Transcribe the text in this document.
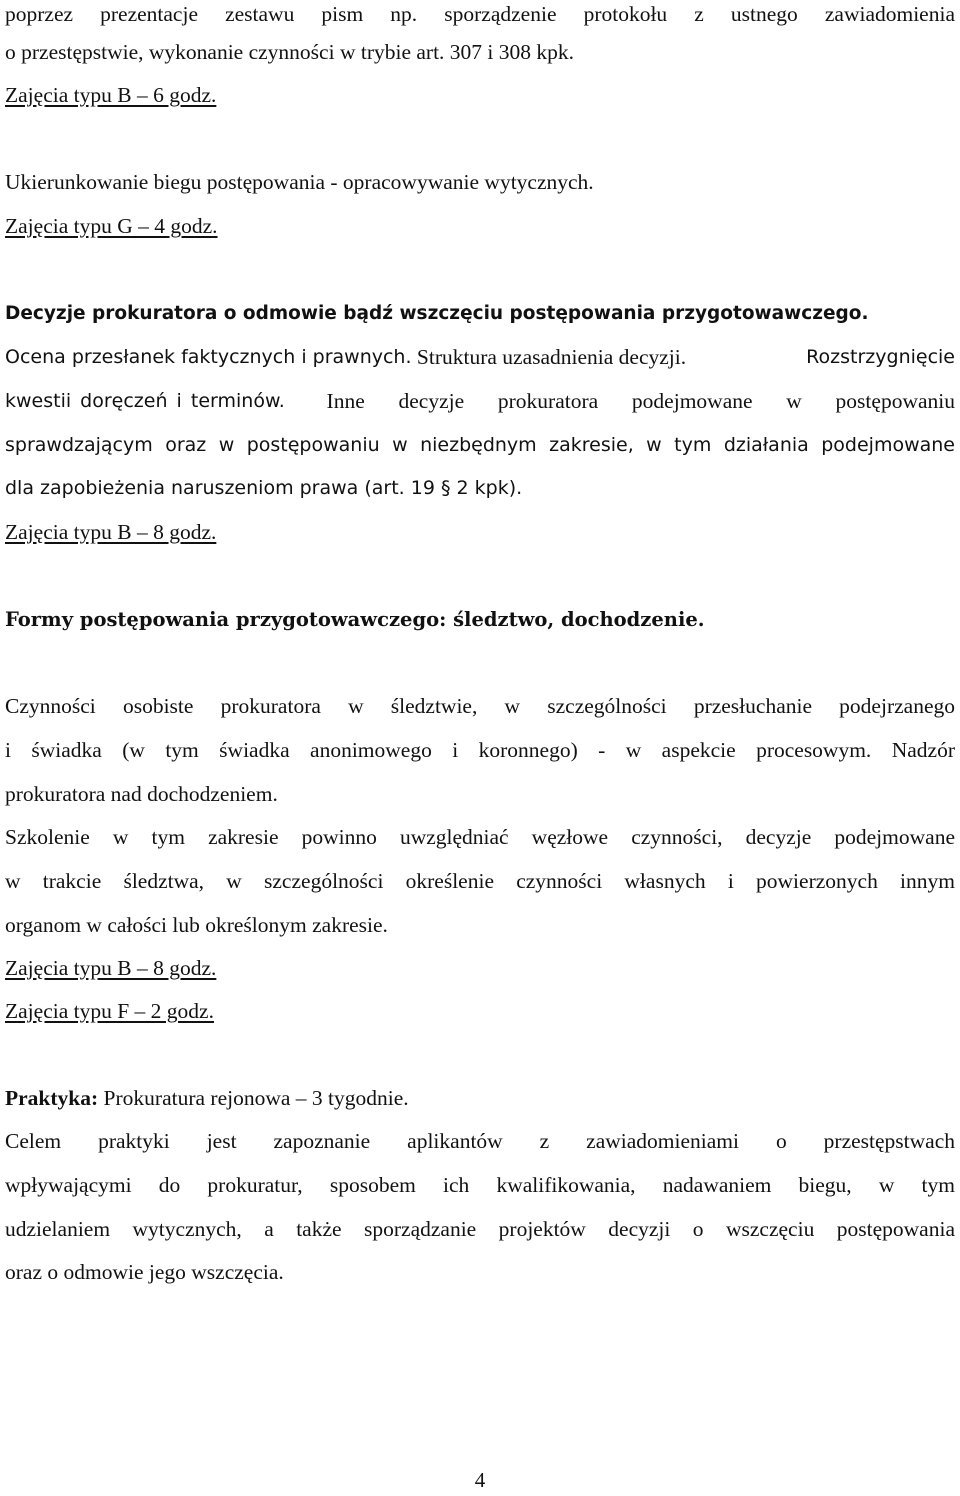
poprzez prezentacje zestawu pism np. sporządzenie protokołu z ustnego zawiadomienia
o przestępstwie, wykonanie czynności w trybie art. 307 i 308 kpk.
Zajęcia typu B – 6 godz.
Ukierunkowanie biegu postępowania - opracowywanie wytycznych.
Zajęcia typu G – 4 godz.
Decyzje prokuratora o odmowie bądź wszczęciu postępowania przygotowawczego.
Ocena przesłanek faktycznych i prawnych. Struktura uzasadnienia decyzji.	Rozstrzygnięcie
kwestii doręczeń i terminów. Inne decyzje prokuratora podejmowane w postępowaniu
sprawdzającym oraz w postępowaniu w niezbędnym zakresie, w tym działania podejmowane
dla zapobieżenia naruszeniom prawa (art. 19 § 2 kpk).
Zajęcia typu B – 8 godz.
Formy postępowania przygotowawczego: śledztwo, dochodzenie.
Czynności osobiste prokuratora w śledztwie, w szczególności przesłuchanie podejrzanego
i świadka (w tym świadka anonimowego i koronnego) - w aspekcie procesowym. Nadzór
prokuratora nad dochodzeniem.
Szkolenie w tym zakresie powinno uwzględniać węzłowe czynności, decyzje podejmowane
w trakcie śledztwa, w szczególności określenie czynności własnych i powierzonych innym
organom w całości lub określonym zakresie.
Zajęcia typu B – 8 godz.
Zajęcia typu F – 2 godz.
Praktyka: Prokuratura rejonowa – 3 tygodnie.
Celem praktyki jest zapoznanie aplikantów z zawiadomieniami o przestępstwach
wpływającymi do prokuratur, sposobem ich kwalifikowania, nadawaniem biegu, w tym
udzielaniem wytycznych, a także sporządzanie projektów decyzji o wszczęciu postępowania
oraz o odmowie jego wszczęcia.
4
